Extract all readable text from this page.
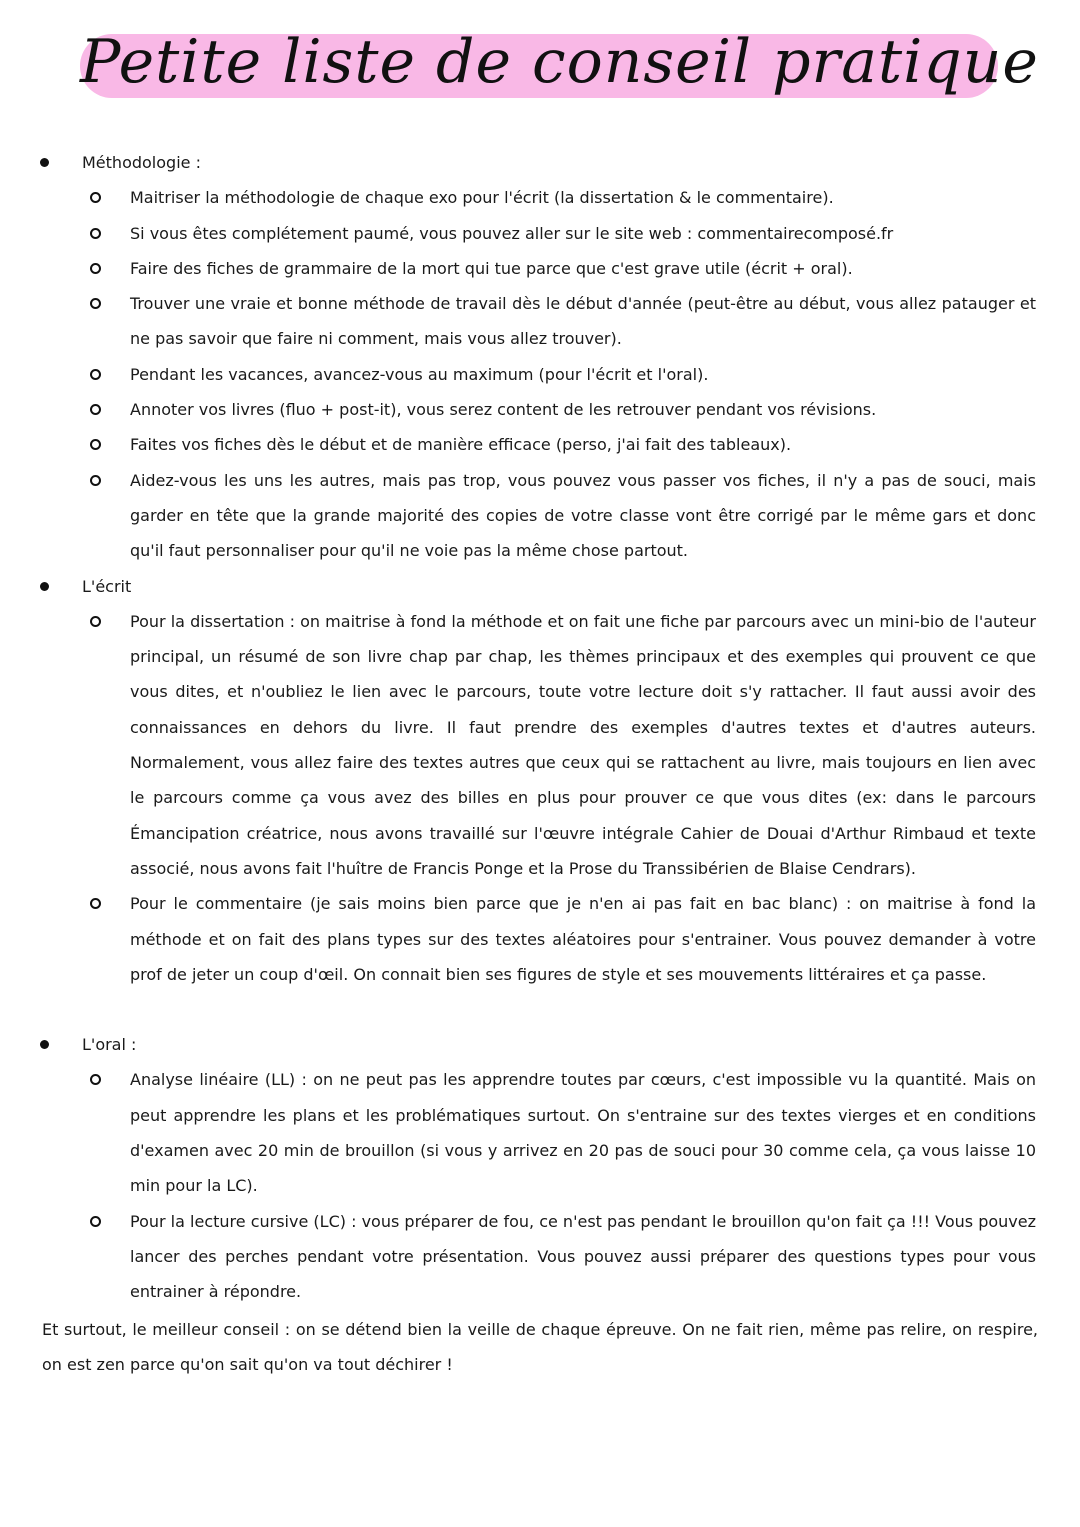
Petite liste de conseil pratique
Méthodologie :
Maitriser la méthodologie de chaque exo pour l'écrit (la dissertation & le commentaire).
Si vous êtes complétement paumé, vous pouvez aller sur le site web : commentairecomposé.fr
Faire des fiches de grammaire de la mort qui tue parce que c'est grave utile (écrit + oral).
Trouver une vraie et bonne méthode de travail dès le début d'année (peut-être au début, vous allez patauger et ne pas savoir que faire ni comment, mais vous allez trouver).
Pendant les vacances, avancez-vous au maximum (pour l'écrit et l'oral).
Annoter vos livres (fluo + post-it), vous serez content de les retrouver pendant vos révisions.
Faites vos fiches dès le début et de manière efficace (perso, j'ai fait des tableaux).
Aidez-vous les uns les autres, mais pas trop, vous pouvez vous passer vos fiches, il n'y a pas de souci, mais garder en tête que la grande majorité des copies de votre classe vont être corrigé par le même gars et donc qu'il faut personnaliser pour qu'il ne voie pas la même chose partout.
L'écrit
Pour la dissertation : on maitrise à fond la méthode et on fait une fiche par parcours avec un mini-bio de l'auteur principal, un résumé de son livre chap par chap, les thèmes principaux et des exemples qui prouvent ce que vous dites, et n'oubliez le lien avec le parcours, toute votre lecture doit s'y rattacher. Il faut aussi avoir des connaissances en dehors du livre. Il faut prendre des exemples d'autres textes et d'autres auteurs. Normalement, vous allez faire des textes autres que ceux qui se rattachent au livre, mais toujours en lien avec le parcours comme ça vous avez des billes en plus pour prouver ce que vous dites (ex: dans le parcours Émancipation créatrice, nous avons travaillé sur l'œuvre intégrale Cahier de Douai d'Arthur Rimbaud et texte associé, nous avons fait l'huître de Francis Ponge et la Prose du Transsibérien de Blaise Cendrars).
Pour le commentaire (je sais moins bien parce que je n'en ai pas fait en bac blanc) : on maitrise à fond la méthode et on fait des plans types sur des textes aléatoires pour s'entrainer. Vous pouvez demander à votre prof de jeter un coup d'œil. On connait bien ses figures de style et ses mouvements littéraires et ça passe.
L'oral :
Analyse linéaire (LL) : on ne peut pas les apprendre toutes par cœurs, c'est impossible vu la quantité. Mais on peut apprendre les plans et les problématiques surtout. On s'entraine sur des textes vierges et en conditions d'examen avec 20 min de brouillon (si vous y arrivez en 20 pas de souci pour 30 comme cela, ça vous laisse 10 min pour la LC).
Pour la lecture cursive (LC) : vous préparer de fou, ce n'est pas pendant le brouillon qu'on fait ça !!! Vous pouvez lancer des perches pendant votre présentation. Vous pouvez aussi préparer des questions types pour vous entrainer à répondre.
Et surtout, le meilleur conseil : on se détend bien la veille de chaque épreuve. On ne fait rien, même pas relire, on respire, on est zen parce qu'on sait qu'on va tout déchirer !
